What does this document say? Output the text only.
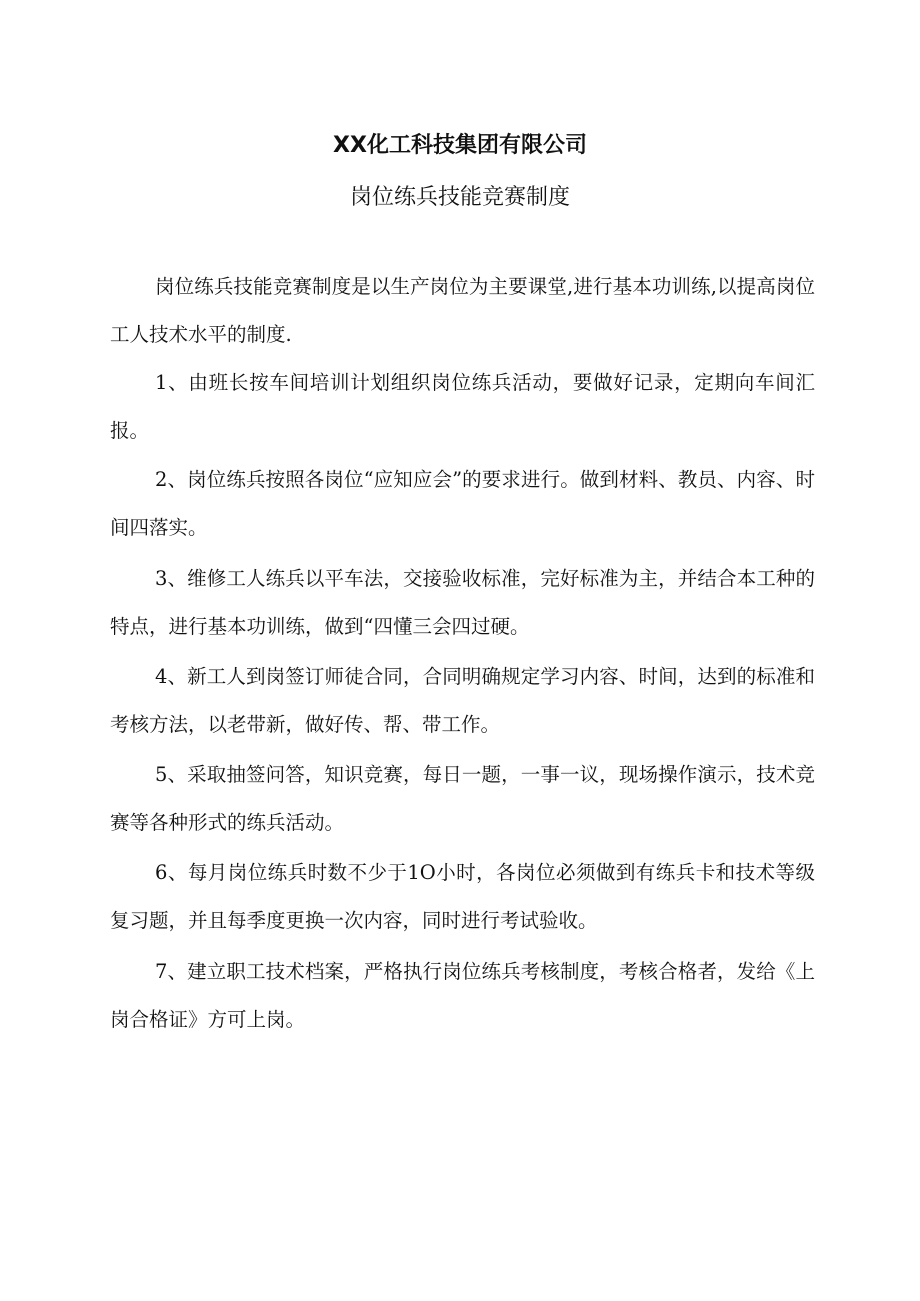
XX化工科技集团有限公司
岗位练兵技能竞赛制度

岗位练兵技能竞赛制度是以生产岗位为主要课堂,进行基本功训练,以提高岗位工人技术水平的制度.

1、由班长按车间培训计划组织岗位练兵活动，要做好记录，定期向车间汇报。

2、岗位练兵按照各岗位“应知应会”的要求进行。做到材料、教员、内容、时间四落实。

3、维修工人练兵以平车法，交接验收标准，完好标准为主，并结合本工种的特点，进行基本功训练，做到“四懂三会四过硬。

4、新工人到岗签订师徒合同，合同明确规定学习内容、时间，达到的标准和考核方法，以老带新，做好传、帮、带工作。

5、采取抽签问答，知识竞赛，每日一题，一事一议，现场操作演示，技术竞赛等各种形式的练兵活动。

6、每月岗位练兵时数不少于1O小时，各岗位必须做到有练兵卡和技术等级复习题，并且每季度更换一次内容，同时进行考试验收。

7、建立职工技术档案，严格执行岗位练兵考核制度，考核合格者，发给《上岗合格证》方可上岗。
